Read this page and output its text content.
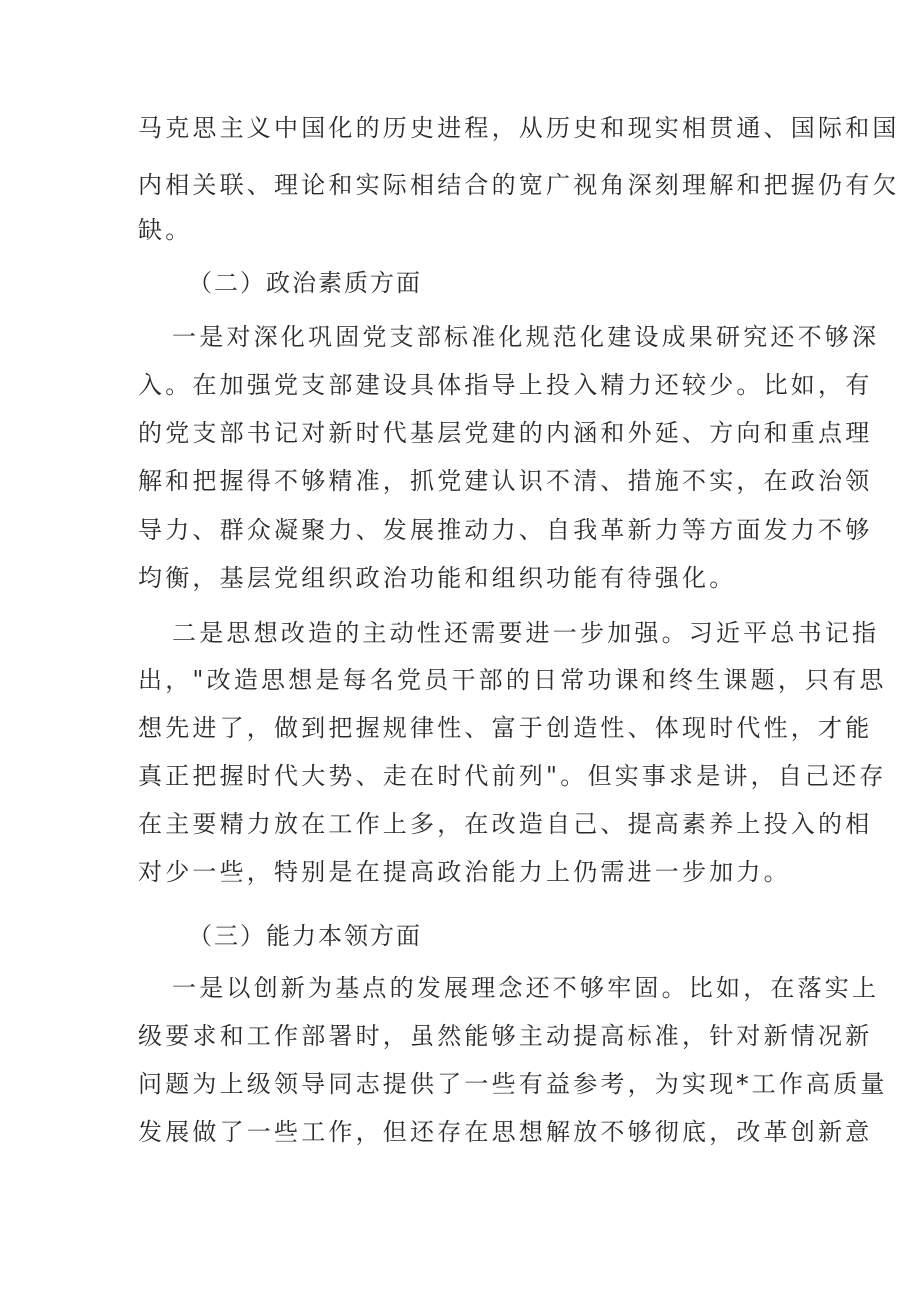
马克思主义中国化的历史进程，从历史和现实相贯通、国际和国
内相关联、理论和实际相结合的宽广视角深刻理解和把握仍有欠
缺。
（二）政治素质方面
一是对深化巩固党支部标准化规范化建设成果研究还不够深
入。在加强党支部建设具体指导上投入精力还较少。比如，有
的党支部书记对新时代基层党建的内涵和外延、方向和重点理
解和把握得不够精准，抓党建认识不清、措施不实，在政治领
导力、群众凝聚力、发展推动力、自我革新力等方面发力不够
均衡，基层党组织政治功能和组织功能有待强化。
二是思想改造的主动性还需要进一步加强。习近平总书记指
出，"改造思想是每名党员干部的日常功课和终生课题，只有思
想先进了，做到把握规律性、富于创造性、体现时代性，才能
真正把握时代大势、走在时代前列"。但实事求是讲，自己还存
在主要精力放在工作上多，在改造自己、提高素养上投入的相
对少一些，特别是在提高政治能力上仍需进一步加力。
（三）能力本领方面
一是以创新为基点的发展理念还不够牢固。比如，在落实上
级要求和工作部署时，虽然能够主动提高标准，针对新情况新
问题为上级领导同志提供了一些有益参考，为实现*工作高质量
发展做了一些工作，但还存在思想解放不够彻底，改革创新意
